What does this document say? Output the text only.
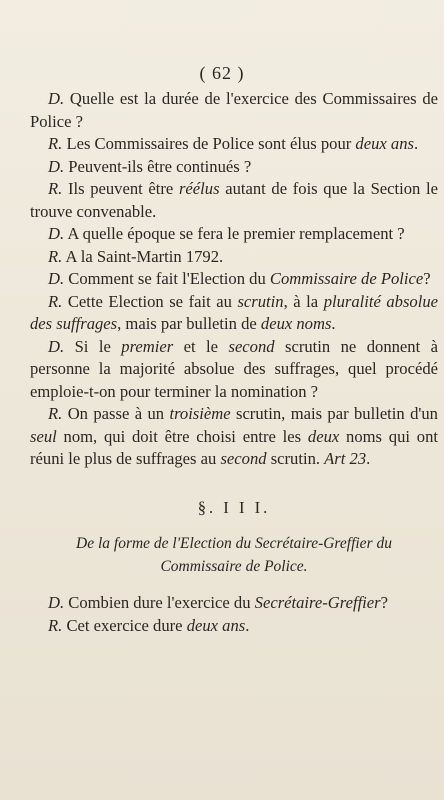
( 62 )

D. Quelle est la durée de l'exercice des Commissaires de Police ?

R. Les Commissaires de Police sont élus pour deux ans.

D. Peuvent-ils être continués ?

R. Ils peuvent être réélus autant de fois que la Section le trouve convenable.

D. A quelle époque se fera le premier remplacement ?

R. A la Saint-Martin 1792.

D. Comment se fait l'Election du Commissaire de Police?

R. Cette Election se fait au scrutin, à la pluralité absolue des suffrages, mais par bulletin de deux noms.

D. Si le premier et le second scrutin ne donnent à personne la majorité absolue des suffrages, quel procédé emploie-t-on pour terminer la nomination ?

R. On passe à un troisième scrutin, mais par bulletin d'un seul nom, qui doit être choisi entre les deux noms qui ont réuni le plus de suffrages au second scrutin. Art 23.

§. I I I.
De la forme de l'Election du Secrétaire-Greffier du Commissaire de Police.

D. Combien dure l'exercice du Secrétaire-Greffier?

R. Cet exercice dure deux ans.
